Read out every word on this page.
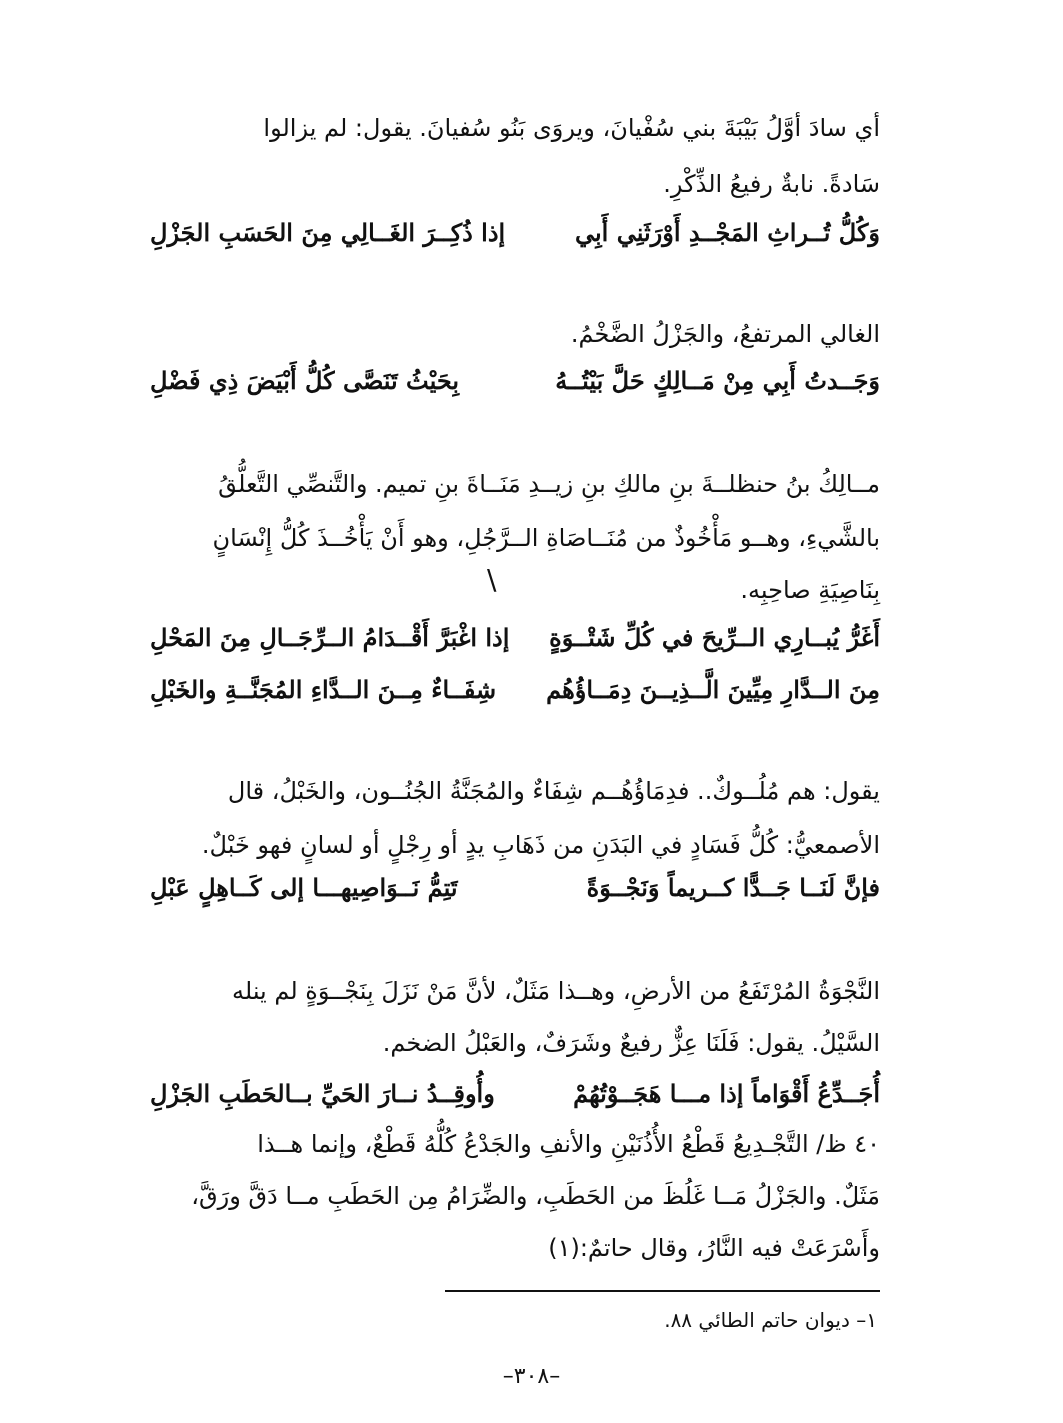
أي سادَ أوَّلُ بَيْبَةَ بني سُفْيانَ، ويروَى بَنُو سُفيانَ. يقول: لم يزالوا
سَادةً. نابةٌ رفيعُ الذِّكْرِ.
وَكُلُّ تُــراثِ المَجْــدِ أَوْرَثَنِي أَبِي
إذا ذُكِــرَ الغَــالِي مِنَ الحَسَبِ الجَزْلِ
الغالي المرتفعُ، والجَزْلُ الضَّخْمُ.
وَجَــدتُ أَبِي مِنْ مَــالِكٍ حَلَّ بَيْتُــهُ
بِحَيْثُ تَنَصَّى كُلُّ أَبْيَضَ ذِي فَضْلِ
مــالِكُ بنُ حنظلــةَ بنِ مالكِ بنِ زيــدِ مَنَــاةَ بنِ تميم. والتَّنصِّي التَّعلُّقُ
بالشَّيءِ، وهــو مَأْخُوذٌ من مُنَــاصَاةِ الــرَّجُلِ، وهو أَنْ يَأْخُــذَ كُلُّ إِنْسَانٍ
\	بِنَاصِيَةِ صاحِبِه.
أَغَرُّ يُبــارِي الــرِّيحَ في كُلِّ شَتْــوَةٍ
إذا اغْبَرَّ أَقْــدَامُ الــرِّجَــالِ مِنَ المَحْلِ
مِنَ الــدَّارِ مِيِّينَ الَّــذِيــنَ دِمَــاؤُهُم
شِفَــاءٌ مِــنَ الــدَّاءِ المُجَنَّــةِ والخَبْلِ
يقول: هم مُلُــوكٌ.. فدِمَاؤُهُــم شِفَاءٌ والمُجَنَّةُ الجُنُــون، والخَبْلُ، قال
الأصمعيُّ: كُلُّ فَسَادٍ في البَدَنِ من ذَهَابِ يدٍ أو رِجْلٍ أو لسانٍ فهو خَبْلٌ.
فإنَّ لَنَــا جَــدًّا كــريماً وَنَجْــوَةً
تَتِمُّ نَــوَاصِيهـــا إلى كَــاهِلٍ عَبْلِ
النَّجْوَةُ المُرْتَفَعُ من الأرضِ، وهــذا مَثَلٌ، لأنَّ مَنْ نَزَلَ بِنَجْــوَةٍ لم ينله
السَّيْلُ. يقول: فَلَنَا عِزٌّ رفيعٌ وشَرَفٌ، والعَبْلُ الضخم.
أُجَــدِّعُ أَقْوَاماً إذا مـــا هَجَــوْتُهُمْ
وأُوقِــدُ نــارَ الحَيِّ بــالحَطَبِ الجَزْلِ
٤٠ ظ/ التَّجْـدِيعُ قَطْعُ الأُذُنَيْنِ والأنفِ والجَدْعُ كُلُّهُ قَطْعٌ، وإنما هــذا
مَثَلٌ. والجَزْلُ مَــا غَلُظَ من الحَطَبِ، والضِّرَامُ مِن الحَطَبِ مــا دَقَّ ورَقَّ،
وأَسْرَعَتْ فيه النَّارُ، وقال حاتمٌ:(١)
١– ديوان حاتم الطائي ٨٨.
–٣٠٨–
